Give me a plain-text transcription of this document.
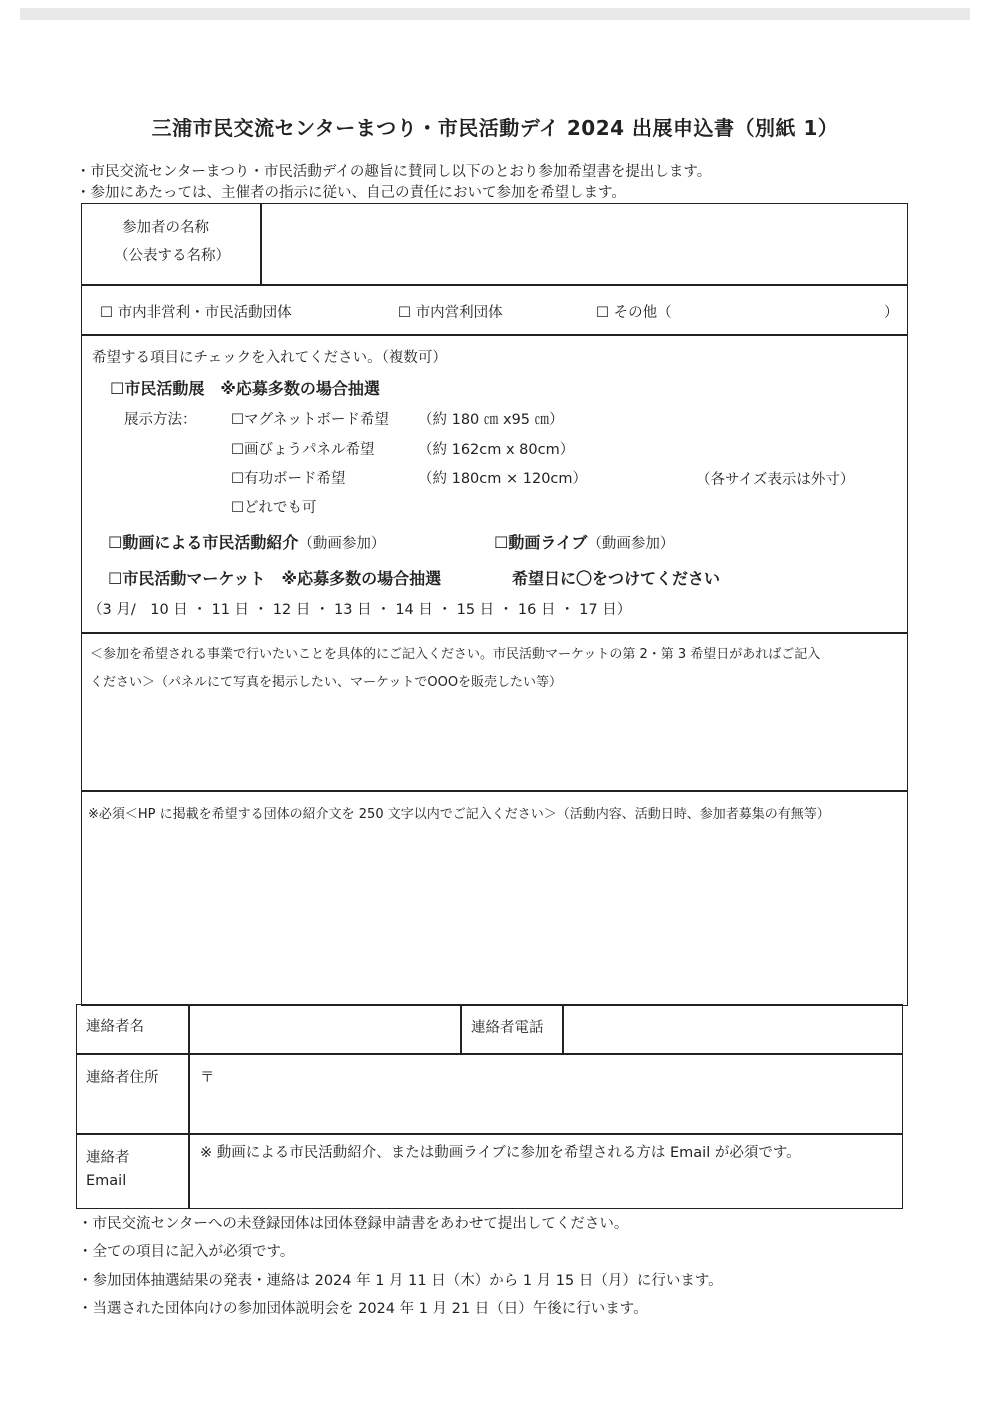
三浦市民交流センターまつり・市民活動デイ 2024 出展申込書（別紙 1）
・市民交流センターまつり・市民活動デイの趣旨に賛同し以下のとおり参加希望書を提出します。
・参加にあたっては、主催者の指示に従い、自己の責任において参加を希望します。
参加者の名称
（公表する名称）
☐ 市内非営利・市民活動団体	☐ 市内営利団体	☐ その他（	）
希望する項目にチェックを入れてください。（複数可）
☐市民活動展　※応募多数の場合抽選
展示方法： ☐マグネットボード希望 （約 180 ㎝ x95 ㎝）
☐画びょうパネル希望	（約 162cm x 80cm）
☐有功ボード希望	（約 180cm × 120cm）	（各サイズ表示は外寸）
☐どれでも可
☐動画による市民活動紹介（動画参加）	☐動画ライブ（動画参加）
☐市民活動マーケット　※応募多数の場合抽選	希望日に〇をつけてください
（3 月/　10 日 ・ 11 日 ・ 12 日 ・ 13 日 ・ 14 日 ・ 15 日 ・ 16 日 ・ 17 日）
＜参加を希望される事業で行いたいことを具体的にご記入ください。市民活動マーケットの第 2・第 3 希望日があればご記入
ください＞（パネルにて写真を掲示したい、マーケットでOOOを販売したい等）
※必須＜HP に掲載を希望する団体の紹介文を 250 文字以内でご記入ください＞（活動内容、活動日時、参加者募集の有無等）
連絡者名	連絡者電話
連絡者住所	〒
連絡者
Email
※ 動画による市民活動紹介、または動画ライブに参加を希望される方は Email が必須です。
・市民交流センターへの未登録団体は団体登録申請書をあわせて提出してください。
・全ての項目に記入が必須です。
・参加団体抽選結果の発表・連絡は 2024 年 1 月 11 日（木）から 1 月 15 日（月）に行います。
・当選された団体向けの参加団体説明会を 2024 年 1 月 21 日（日）午後に行います。
